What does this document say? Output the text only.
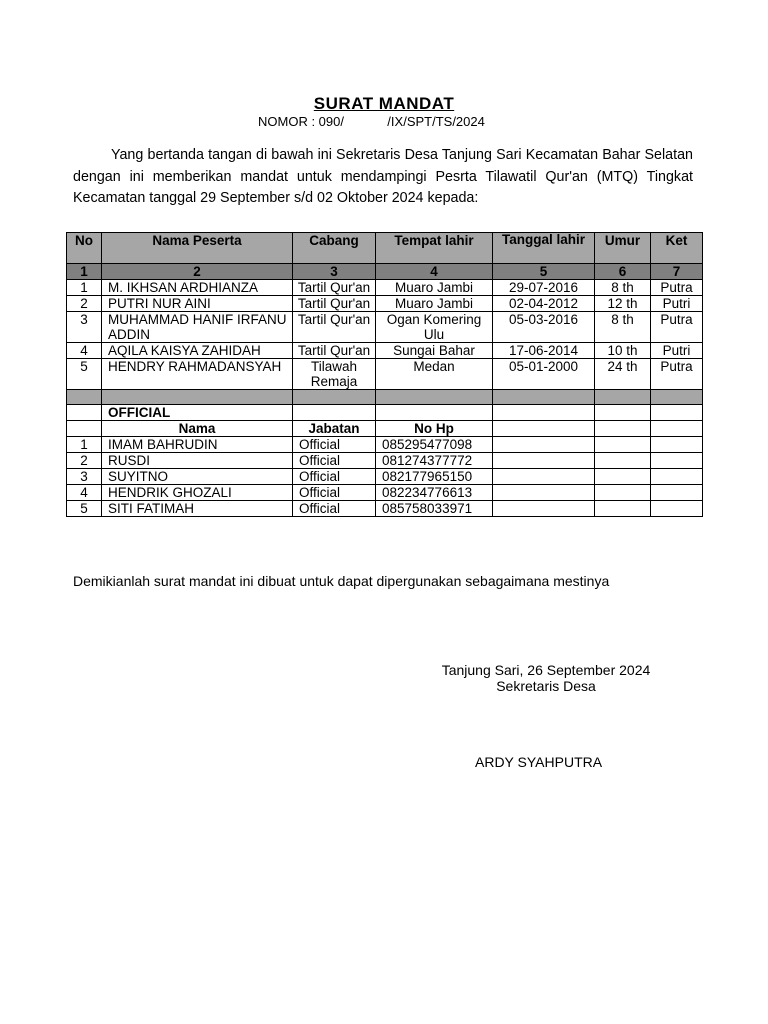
SURAT MANDAT
NOMOR : 090/            /IX/SPT/TS/2024
Yang bertanda tangan di bawah ini Sekretaris Desa Tanjung Sari Kecamatan Bahar Selatan dengan ini memberikan mandat untuk mendampingi Pesrta Tilawatil Qur'an (MTQ) Tingkat Kecamatan tanggal 29 September s/d 02 Oktober 2024 kepada:
No	Nama Peserta	Cabang	Tempat lahir	Tanggal lahir	Umur	Ket
1	2	3	4	5	6	7
1	M. IKHSAN ARDHIANZA	Tartil Qur'an	Muaro Jambi	29-07-2016	8 th	Putra
2	PUTRI NUR AINI	Tartil Qur'an	Muaro Jambi	02-04-2012	12 th	Putri
3	MUHAMMAD HANIF IRFANU ADDIN	Tartil Qur'an	Ogan Komering Ulu	05-03-2016	8 th	Putra
4	AQILA KAISYA ZAHIDAH	Tartil Qur'an	Sungai Bahar	17-06-2014	10 th	Putri
5	HENDRY RAHMADANSYAH	Tilawah Remaja	Medan	05-01-2000	24 th	Putra

	OFFICIAL					
	Nama	Jabatan	No Hp			
1	IMAM BAHRUDIN	Official	085295477098			
2	RUSDI	Official	081274377772			
3	SUYITNO	Official	082177965150			
4	HENDRIK GHOZALI	Official	082234776613			
5	SITI FATIMAH	Official	085758033971			
Demikianlah surat mandat ini dibuat untuk dapat dipergunakan sebagaimana mestinya
Tanjung Sari, 26 September 2024
Sekretaris Desa
ARDY SYAHPUTRA
